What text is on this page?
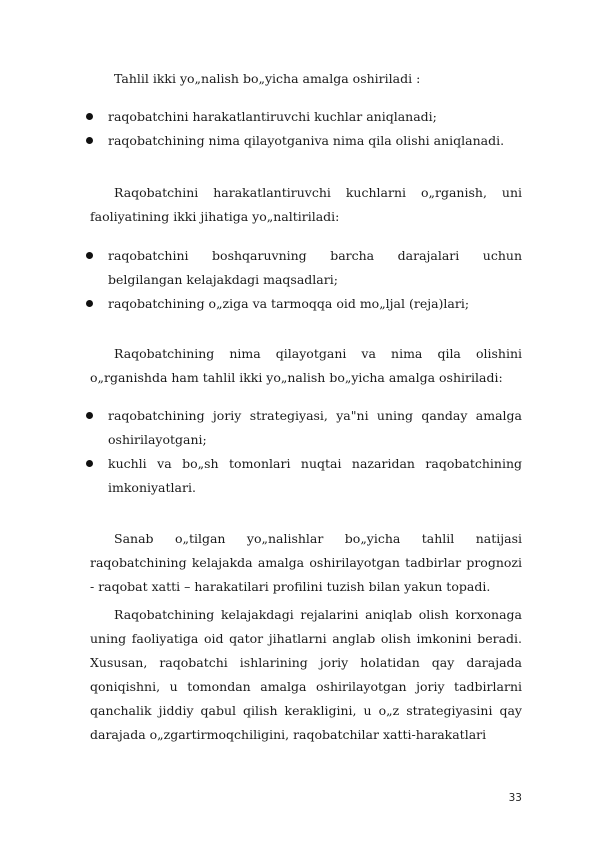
Tahlil ikki yo„nalish bo„yicha amalga oshiriladi :

raqobatchini harakatlantiruvchi kuchlar aniqlanadi;
raqobatchining nima qilayotganiva nima qila olishi aniqlanadi.

Raqobatchini harakatlantiruvchi kuchlarni o„rganish, uni faoliyatining ikki jihatiga yo„naltiriladi:

raqobatchini boshqaruvning barcha darajalari uchun belgilangan kelajakdagi maqsadlari;
raqobatchining o„ziga va tarmoqqa oid mo„ljal (reja)lari;

Raqobatchining nima qilayotgani va nima qila olishini o„rganishda ham tahlil ikki yo„nalish bo„yicha amalga oshiriladi:

raqobatchining joriy strategiyasi, ya"ni uning qanday amalga oshirilayotgani;
kuchli va bo„sh tomonlari nuqtai nazaridan raqobatchining imkoniyatlari.

Sanab o„tilgan yo„nalishlar bo„yicha tahlil natijasi raqobatchining kelajakda amalga oshirilayotgan tadbirlar prognozi - raqobat xatti – harakatilari profilini tuzish bilan yakun topadi.

Raqobatchining kelajakdagi rejalarini aniqlab olish korxonaga uning faoliyatiga oid qator jihatlarni anglab olish imkonini beradi. Xususan, raqobatchi ishlarining joriy holatidan qay darajada qoniqishni, u tomondan amalga oshirilayotgan joriy tadbirlarni qanchalik jiddiy qabul qilish kerakligini, u o„z strategiyasini qay darajada o„zgartirmoqchiligini, raqobatchilar xatti-harakatlari

33
